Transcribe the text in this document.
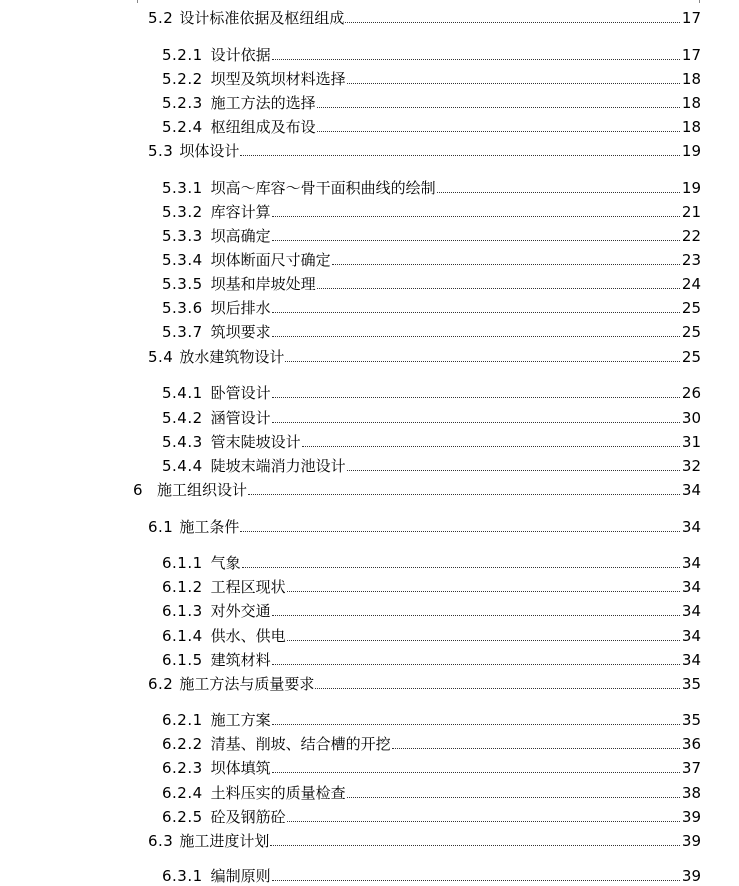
5.2 设计标准依据及枢纽组成	17
5.2.1 设计依据	17
5.2.2 坝型及筑坝材料选择	18
5.2.3 施工方法的选择	18
5.2.4 枢纽组成及布设	18
5.3 坝体设计	19
5.3.1 坝高～库容～骨干面积曲线的绘制	19
5.3.2 库容计算	21
5.3.3 坝高确定	22
5.3.4 坝体断面尺寸确定	23
5.3.5 坝基和岸坡处理	24
5.3.6 坝后排水	25
5.3.7 筑坝要求	25
5.4 放水建筑物设计	25
5.4.1 卧管设计	26
5.4.2 涵管设计	30
5.4.3 管末陡坡设计	31
5.4.4 陡坡末端消力池设计	32
6 施工组织设计	34
6.1 施工条件	34
6.1.1 气象	34
6.1.2 工程区现状	34
6.1.3 对外交通	34
6.1.4 供水、供电	34
6.1.5 建筑材料	34
6.2 施工方法与质量要求	35
6.2.1 施工方案	35
6.2.2 清基、削坡、结合槽的开挖	36
6.2.3 坝体填筑	37
6.2.4 土料压实的质量检查	38
6.2.5 砼及钢筋砼	39
6.3 施工进度计划	39
6.3.1 编制原则	39
